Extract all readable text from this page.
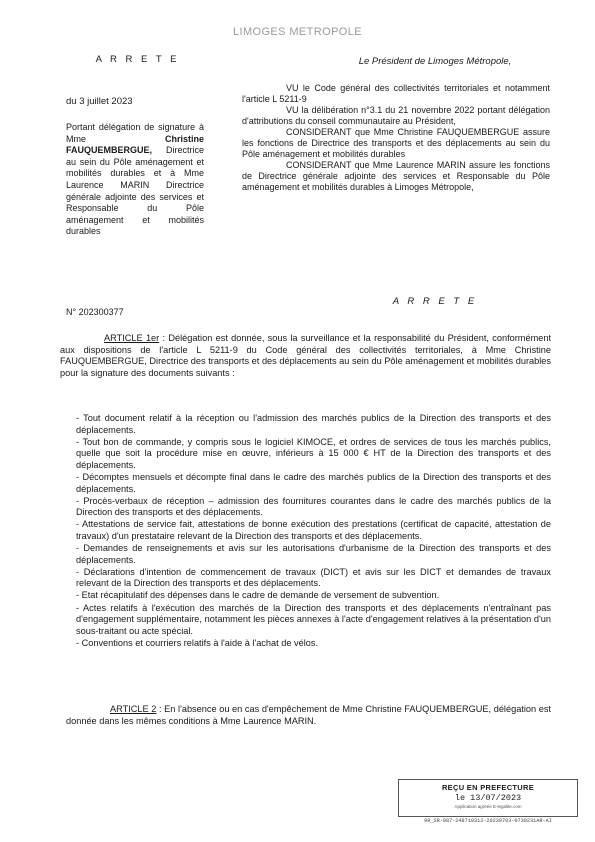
LIMOGES METROPOLE
A R R E T E	Le Président de Limoges Métropole,
du 3 juillet 2023
Portant délégation de signature à Mme Christine FAUQUEMBERGUE, Directrice au sein du Pôle aménagement et mobilités durables et à Mme Laurence MARIN Directrice générale adjointe des services et Responsable du Pôle aménagement et mobilités durables
N° 202300377

VU le Code général des collectivités territoriales et notamment l'article L 5211-9

VU la délibération n°3.1 du 21 novembre 2022 portant délégation d'attributions du conseil communautaire au Président,

CONSIDERANT que Mme Christine FAUQUEMBERGUE assure les fonctions de Directrice des transports et des déplacements au sein du Pôle aménagement et mobilités durables

CONSIDERANT que Mme Laurence MARIN assure les fonctions de Directrice générale adjointe des services et Responsable du Pôle aménagement et mobilités durables à Limoges Métropole,

A R R E T E

ARTICLE 1er : Délégation est donnée, sous la surveillance et la responsabilité du Président, conformément aux dispositions de l'article L 5211-9 du Code général des collectivités territoriales, à Mme Christine FAUQUEMBERGUE, Directrice des transports et des déplacements au sein du Pôle aménagement et mobilités durables pour la signature des documents suivants :

- Tout document relatif à la réception ou l'admission des marchés publics de la Direction des transports et des déplacements.

- Tout bon de commande, y compris sous le logiciel KIMOCE, et ordres de services de tous les marchés publics, quelle que soit la procédure mise en œuvre, inférieurs à 15 000 € HT de la Direction des transports et des déplacements.

- Décomptes mensuels et décompte final dans le cadre des marchés publics de la Direction des transports et des déplacements.

- Procès-verbaux de réception – admission des fournitures courantes dans le cadre des marchés publics de la Direction des transports et des déplacements.

- Attestations de service fait, attestations de bonne exécution des prestations (certificat de capacité, attestation de travaux) d'un prestataire relevant de la Direction des transports et des déplacements.

- Demandes de renseignements et avis sur les autorisations d'urbanisme de la Direction des transports et des déplacements.

- Déclarations d'intention de commencement de travaux (DICT) et avis sur les DICT et demandes de travaux relevant de la Direction des transports et des déplacements.

- Etat récapitulatif des dépenses dans le cadre de demande de versement de subvention.

- Actes relatifs à l'exécution des marchés de la Direction des transports et des déplacements n'entraînant pas d'engagement supplémentaire, notamment les pièces annexes à l'acte d'engagement relatives à la présentation d'un sous-traitant ou acte spécial.

- Conventions et courriers relatifs à l'aide à l'achat de vélos.

ARTICLE 2 : En l'absence ou en cas d'empêchement de Mme Christine FAUQUEMBERGUE, délégation est donnée dans les mêmes conditions à Mme Laurence MARIN.

REÇU EN PREFECTURE
le 13/07/2023
Application agréée E-legalite.com
99_SR-087-248719312-20230703-0730231AR-AI
